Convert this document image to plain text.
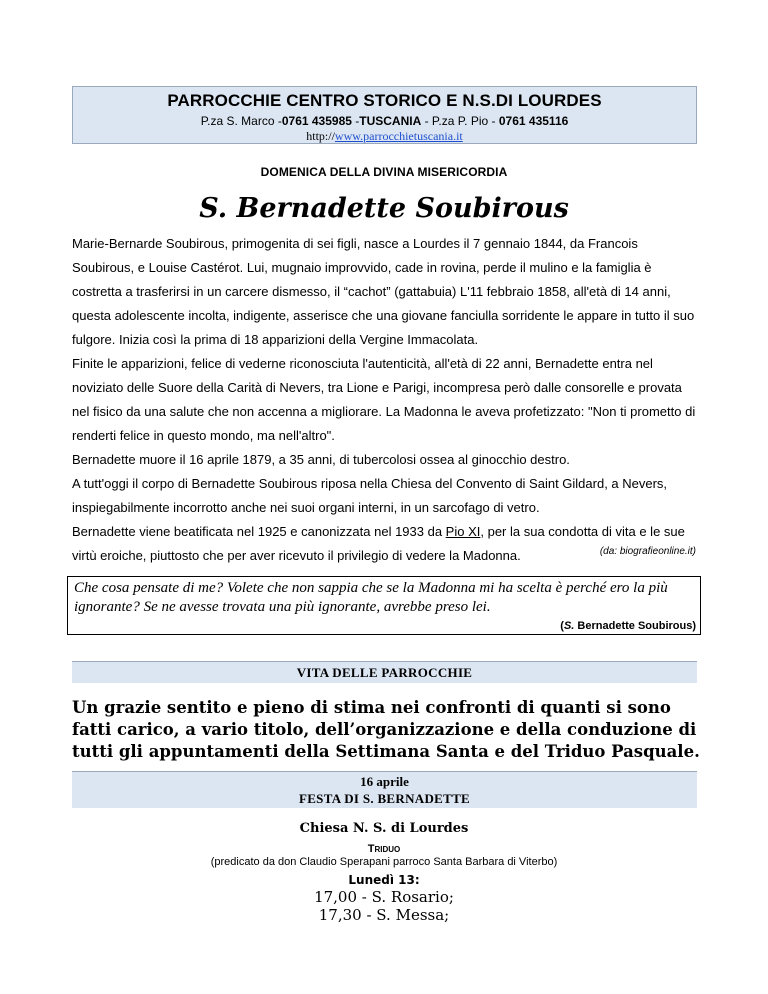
PARROCCHIE CENTRO STORICO E N.S.DI LOURDES
P.za S. Marco -0761 435985 -TUSCANIA - P.za P. Pio - 0761 435116
http://www.parrocchietuscania.it
DOMENICA DELLA DIVINA MISERICORDIA
S. Bernadette Soubirous

Marie-Bernarde Soubirous, primogenita di sei figli, nasce a Lourdes il 7 gennaio 1844, da Francois Soubirous, e Louise Castérot. Lui, mugnaio improvvido, cade in rovina, perde il mulino e la famiglia è costretta a trasferirsi in un carcere dismesso, il “cachot” (gattabuia) L'11 febbraio 1858, all'età di 14 anni, questa adolescente incolta, indigente, asserisce che una giovane fanciulla sorridente le appare in tutto il suo fulgore. Inizia così la prima di 18 apparizioni della Vergine Immacolata.

Finite le apparizioni, felice di vederne riconosciuta l'autenticità, all'età di 22 anni, Bernadette entra nel noviziato delle Suore della Carità di Nevers, tra Lione e Parigi, incompresa però dalle consorelle e provata nel fisico da una salute che non accenna a migliorare. La Madonna le aveva profetizzato: "Non ti prometto di renderti felice in questo mondo, ma nell'altro".

Bernadette muore il 16 aprile 1879, a 35 anni, di tubercolosi ossea al ginocchio destro.

A tutt'oggi il corpo di Bernadette Soubirous riposa nella Chiesa del Convento di Saint Gildard, a Nevers, inspiegabilmente incorrotto anche nei suoi organi interni, in un sarcofago di vetro.

Bernadette viene beatificata nel 1925 e canonizzata nel 1933 da Pio XI, per la sua condotta di vita e le sue virtù eroiche, piuttosto che per aver ricevuto il privilegio di vedere la Madonna.	(da: biografieonline.it)
Che cosa pensate di me? Volete che non sappia che se la Madonna mi ha scelta è perché ero la più ignorante? Se ne avesse trovata una più ignorante, avrebbe preso lei.
(S. Bernadette Soubirous)
VITA DELLE PARROCCHIE
Un grazie sentito e pieno di stima nei confronti di quanti si sono fatti carico, a vario titolo, dell’organizzazione e della conduzione di tutti gli appuntamenti della Settimana Santa e del Triduo Pasquale.
16 aprile
FESTA DI S. BERNADETTE
Chiesa N. S. di Lourdes
Triduo
(predicato da don Claudio Sperapani parroco Santa Barbara di Viterbo)
Lunedì 13:
17,00 - S. Rosario;
17,30 - S. Messa;
